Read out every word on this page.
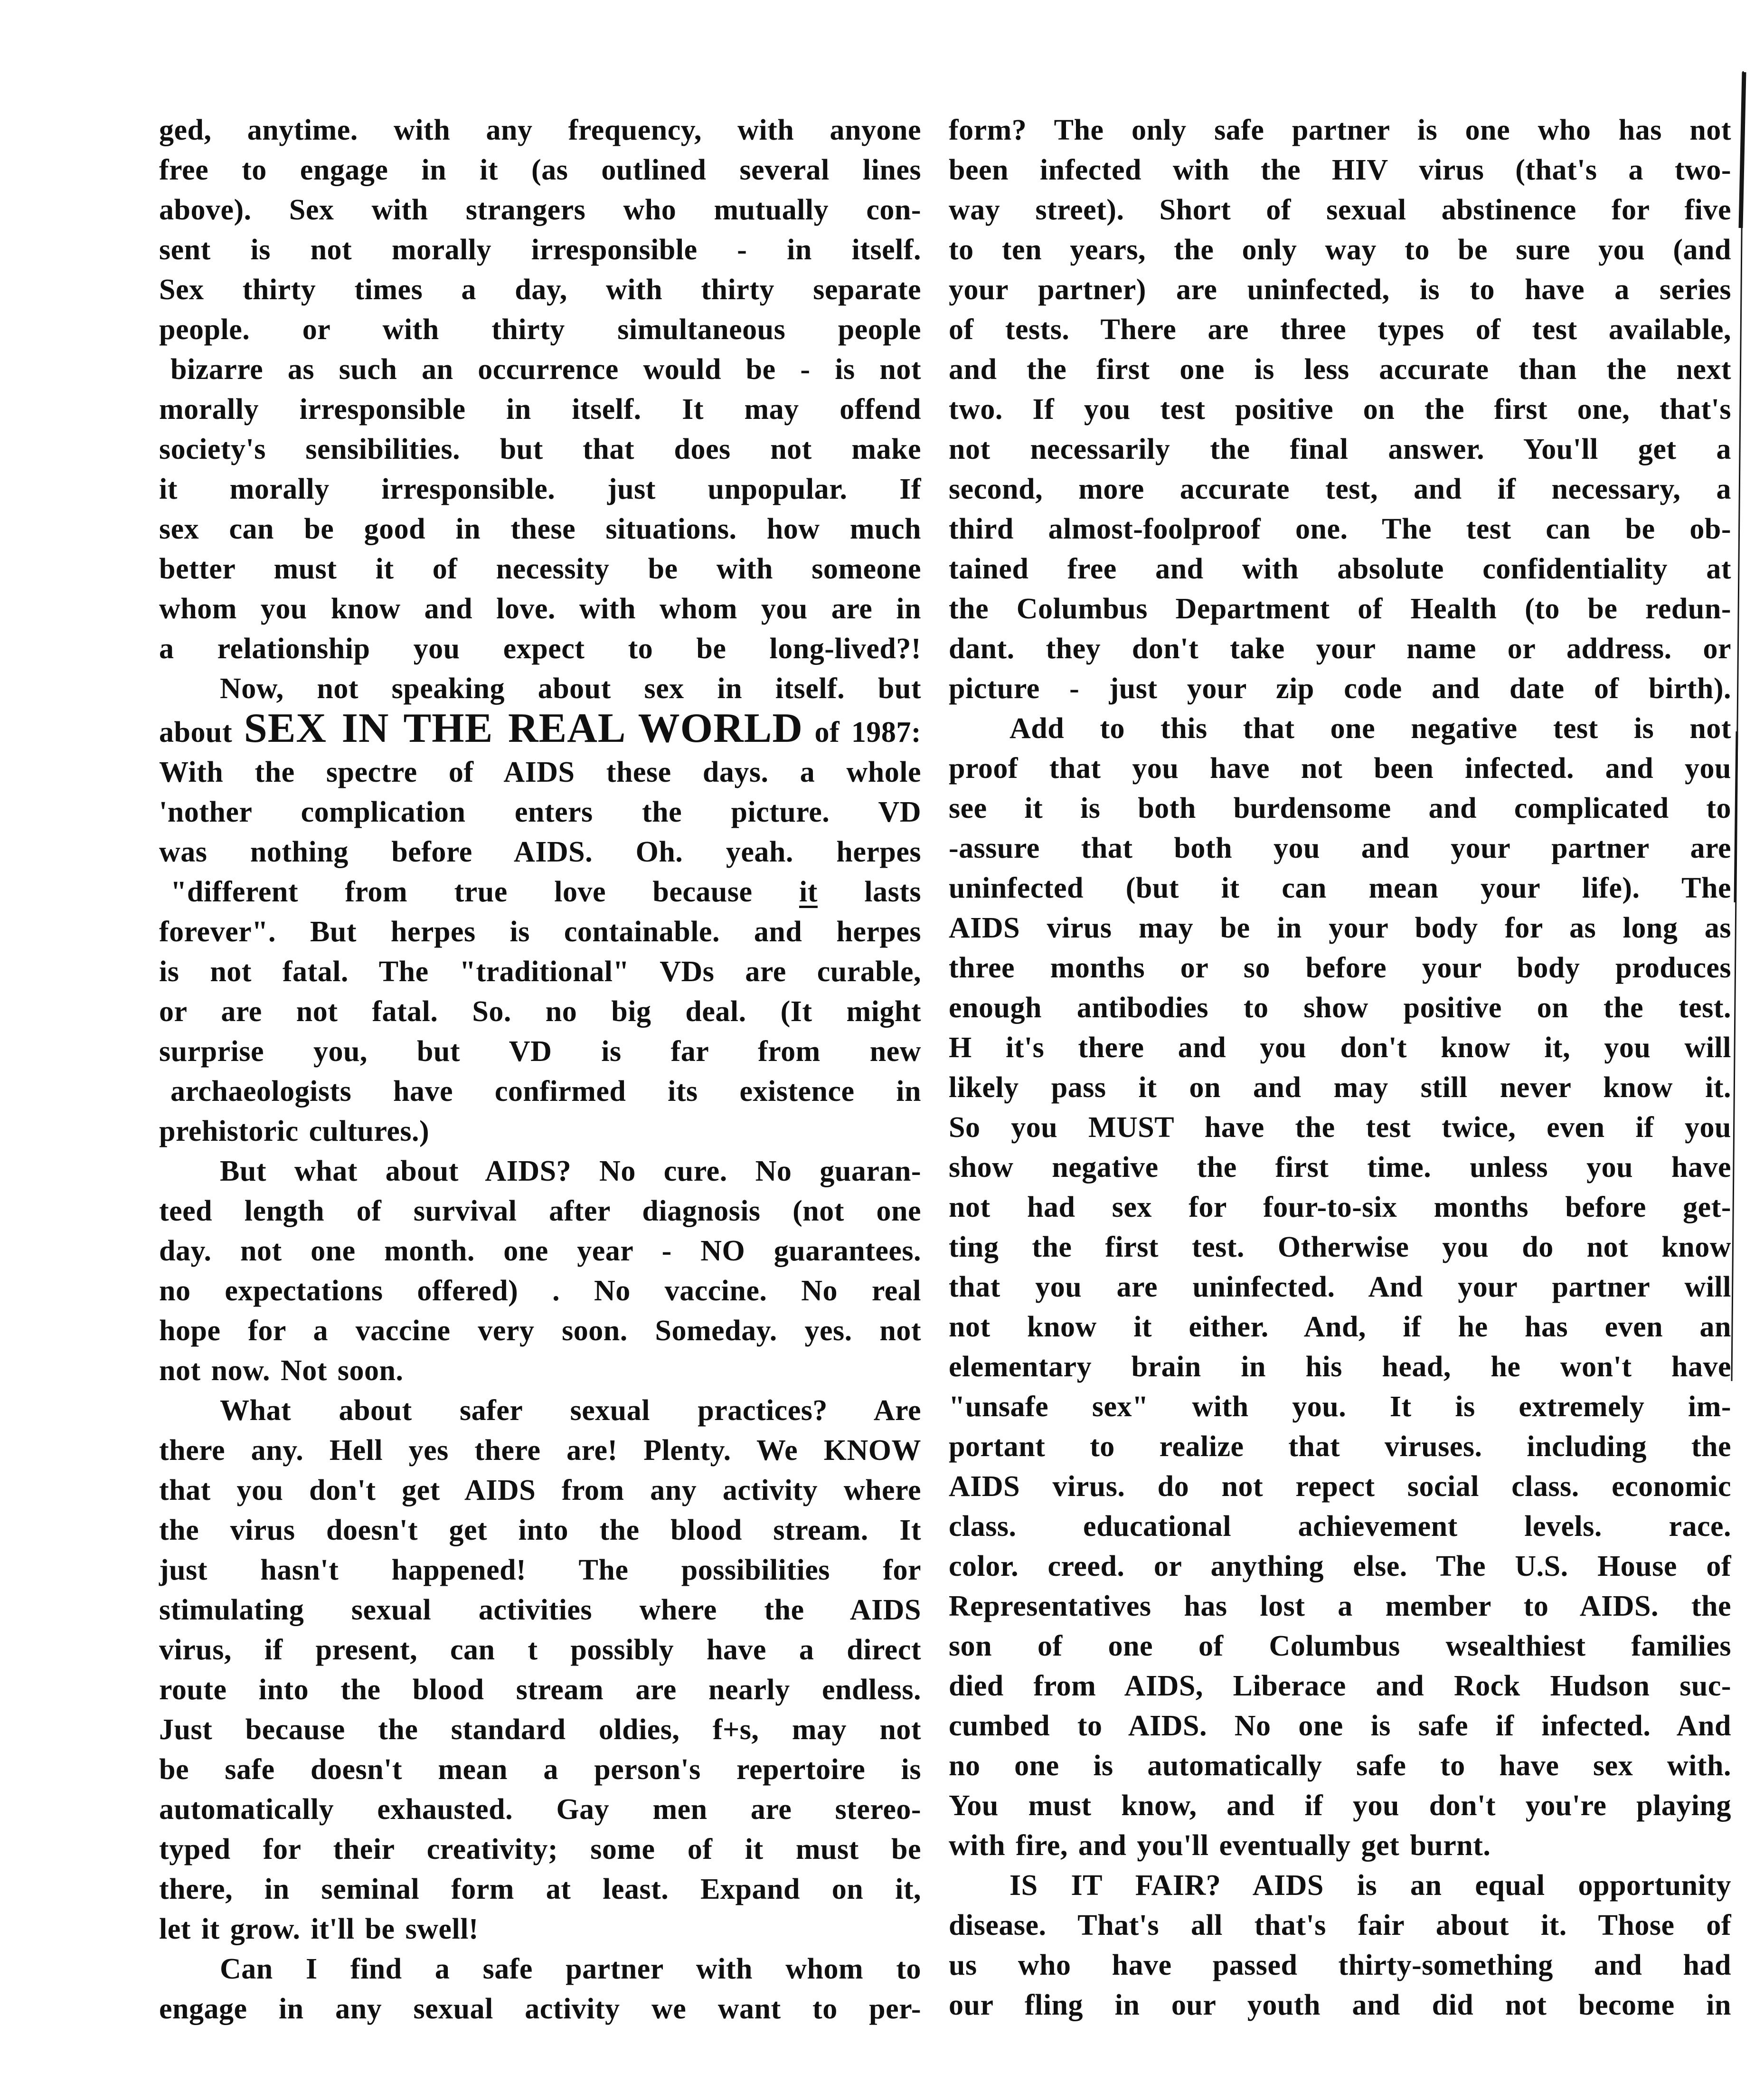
ged, anytime. with any frequency, with anyone
free to engage in it (as outlined several lines
above). Sex with strangers who mutually con-
sent is not morally irresponsible - in itself.
Sex thirty times a day, with thirty separate
people. or with thirty simultaneous people
bizarre as such an occurrence would be - is not
morally irresponsible in itself. It may offend
society's sensibilities. but that does not make
it morally irresponsible. just unpopular. If
sex can be good in these situations. how much
better must it of necessity be with someone
whom you know and love. with whom you are in
a relationship you expect to be long-lived?!
Now, not speaking about sex in itself. but
about SEX IN THE REAL WORLD of 1987:
With the spectre of AIDS these days. a whole
'nother complication enters the picture. VD
was nothing before AIDS. Oh. yeah. herpes
"different from true love because it lasts
forever". But herpes is containable. and herpes
is not fatal. The "traditional" VDs are curable,
or are not fatal. So. no big deal. (It might
surprise you, but VD is far from new
archaeologists have confirmed its existence in
prehistoric cultures.)
But what about AIDS? No cure. No guaran-
teed length of survival after diagnosis (not one
day. not one month. one year - NO guarantees.
no expectations offered) . No vaccine. No real
hope for a vaccine very soon. Someday. yes. not
not now. Not soon.
What about safer sexual practices? Are
there any. Hell yes there are! Plenty. We KNOW
that you don't get AIDS from any activity where
the virus doesn't get into the blood stream. It
just hasn't happened! The possibilities for
stimulating sexual activities where the AIDS
virus, if present, can t possibly have a direct
route into the blood stream are nearly endless.
Just because the standard oldies, f+s, may not
be safe doesn't mean a person's repertoire is
automatically exhausted. Gay men are stereo-
typed for their creativity; some of it must be
there, in seminal form at least. Expand on it,
let it grow. it'll be swell!
Can I find a safe partner with whom to
engage in any sexual activity we want to per-
form? The only safe partner is one who has not
been infected with the HIV virus (that's a two-
way street). Short of sexual abstinence for five
to ten years, the only way to be sure you (and
your partner) are uninfected, is to have a series
of tests. There are three types of test available,
and the first one is less accurate than the next
two. If you test positive on the first one, that's
not necessarily the final answer. You'll get a
second, more accurate test, and if necessary, a
third almost-foolproof one. The test can be ob-
tained free and with absolute confidentiality at
the Columbus Department of Health (to be redun-
dant. they don't take your name or address. or
picture - just your zip code and date of birth).
Add to this that one negative test is not
proof that you have not been infected. and you
see it is both burdensome and complicated to
-assure that both you and your partner are
uninfected (but it can mean your life). The
AIDS virus may be in your body for as long as
three months or so before your body produces
enough antibodies to show positive on the test.
H it's there and you don't know it, you will
likely pass it on and may still never know it.
So you MUST have the test twice, even if you
show negative the first time. unless you have
not had sex for four-to-six months before get-
ting the first test. Otherwise you do not know
that you are uninfected. And your partner will
not know it either. And, if he has even an
elementary brain in his head, he won't have
"unsafe sex" with you. It is extremely im-
portant to realize that viruses. including the
AIDS virus. do not repect social class. economic
class. educational achievement levels. race.
color. creed. or anything else. The U.S. House of
Representatives has lost a member to AIDS. the
son of one of Columbus wsealthiest families
died from AIDS, Liberace and Rock Hudson suc-
cumbed to AIDS. No one is safe if infected. And
no one is automatically safe to have sex with.
You must know, and if you don't you're playing
with fire, and you'll eventually get burnt.
IS IT FAIR? AIDS is an equal opportunity
disease. That's all that's fair about it. Those of
us who have passed thirty-something and had
our fling in our youth and did not become in
